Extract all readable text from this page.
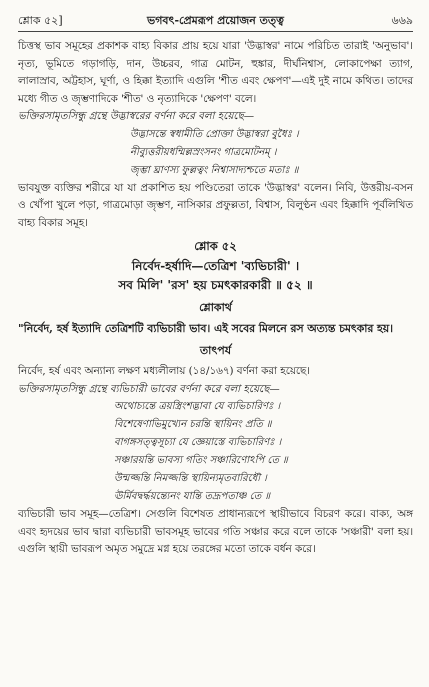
শ্লোক ৫২]	ভগবৎ-প্রেমরূপ প্রয়োজন তত্ত্ব	৬৬৯

চিত্তস্থ ভাব সমূহের প্রকাশক বাহ্য বিকার প্রায় হয়ে যারা 'উদ্ভাস্বর' নামে পরিচিত তারাই 'অনুভাব'। নৃত্য, ভূমিতে গড়াগড়ি, দান, উচ্চরব, গাত্র মোটন, হুঙ্কার, দীর্ঘনিশ্বাস, লোকাপেক্ষা ত্যাগ, লালাস্রাব, অট্টহাস, ঘূর্ণা, ও হিক্কা ইত্যাদি এগুলি 'শীত এবং ক্ষেপণ'—এই দুই নামে কথিত। তাদের মধ্যে গীত ও জৃম্ভণাদিকে 'শীত' ও নৃত্যাদিকে 'ক্ষেপণ' বলে।

ভক্তিরসামৃতসিন্ধু গ্রন্থে উদ্ভাস্বরের বর্ণনা করে বলা হয়েছে—

উদ্ভাসন্তে স্বধামীতি প্রোক্তা উদ্ভাস্বরা বুধৈঃ ।
নীব্যুত্তরীয়ধম্মিল্লস্রংসনং গাত্রমোটনম্ ।
জৃম্ভা ঘ্রাণস্য ফুল্লত্বং নিশ্বাসাদ্যশ্চতে মতাঃ ॥

ভাবযুক্ত ব্যক্তির শরীরে যা যা প্রকাশিত হয় পণ্ডিতেরা তাকে 'উদ্ভাস্বর' বলেন। নিবি, উত্তরীয়-বসন ও খোঁপা খুলে পড়া, গাত্রমোড়া জৃম্ভণ, নাসিকার প্রফুল্লতা, বিশ্বাস, বিলুণ্ঠন এবং হিক্কাদি পূর্বলিখিত বাহ্য বিকার সমূহ।

শ্লোক ৫২
নির্বেদ-হর্ষাদি—তেত্রিশ 'ব্যভিচারী' ।
সব মিলি' 'রস' হয় চমৎকারকারী ॥ ৫২ ॥
শ্লোকার্থ

"নির্বেদ, হর্ষ ইত্যাদি তেত্রিশটি ব্যভিচারী ভাব। এই সবের মিলনে রস অত্যন্ত চমৎকার হয়।

তাৎপর্য

নির্বেদ, হর্ষ এবং অন্যান্য লক্ষণ মধ্যলীলায় (১৪/১৬৭) বর্ণনা করা হয়েছে।

ভক্তিরসামৃতসিন্ধু গ্রন্থে ব্যভিচারী ভাবের বর্ণনা করে বলা হয়েছে—

অথোচ্যন্তে ত্রয়স্ত্রিংশদ্ভাবা যে ব্যভিচারিণঃ ।
বিশেষেণাভিমুখ্যেন চরন্তি স্থায়িনং প্রতি ॥
বাগঙ্গসত্ত্বসূচ্যা যে জ্ঞেয়াস্তে ব্যভিচারিণঃ ।
সঞ্চারয়ন্তি ভাবস্য গতিং সঞ্চারিণোঽপি তে ॥
উন্মজ্জন্তি নিমজ্জন্তি স্থায়িন্যমৃতবারিধৌ ।
ঊর্মিবদ্বর্দ্ধয়ন্ত্যেনং যান্তি তদ্রূপতাঞ্চ তে ॥

ব্যভিচারী ভাব সমূহ—তেত্রিশ। সেগুলি বিশেষত প্রাধান্যরূপে স্থায়ীভাবে বিচরণ করে। বাক্য, অঙ্গ এবং হৃদয়ের ভাব দ্বারা ব্যভিচারী ভাবসমূহ ভাবের গতি সঞ্চার করে বলে তাকে 'সঞ্চারী' বলা হয়। এগুলি স্থায়ী ভাবরূপ অমৃত সমুদ্রে মগ্ন হয়ে তরঙ্গের মতো তাকে বর্ধন করে।
